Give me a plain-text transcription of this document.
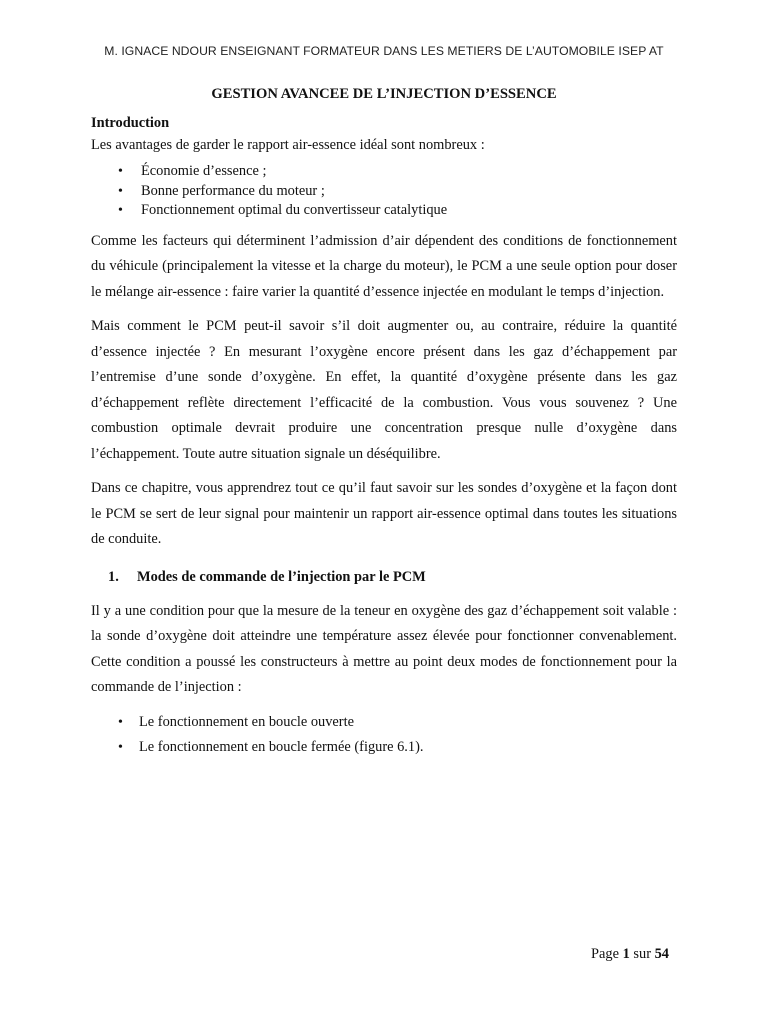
M. IGNACE NDOUR ENSEIGNANT FORMATEUR DANS LES METIERS DE L’AUTOMOBILE ISEP AT
GESTION AVANCEE DE L’INJECTION D’ESSENCE
Introduction

Les avantages de garder le rapport air-essence idéal sont nombreux :

• Économie d’essence ;
• Bonne performance du moteur ;
• Fonctionnement optimal du convertisseur catalytique

Comme les facteurs qui déterminent l’admission d’air dépendent des conditions de fonctionnement du véhicule (principalement la vitesse et la charge du moteur), le PCM a une seule option pour doser le mélange air-essence : faire varier la quantité d’essence injectée en modulant le temps d’injection.

Mais comment le PCM peut-il savoir s’il doit augmenter ou, au contraire, réduire la quantité d’essence injectée ? En mesurant l’oxygène encore présent dans les gaz d’échappement par l’entremise d’une sonde d’oxygène. En effet, la quantité d’oxygène présente dans les gaz d’échappement reflète directement l’efficacité de la combustion. Vous vous souvenez ? Une combustion optimale devrait produire une concentration presque nulle d’oxygène dans l’échappement. Toute autre situation signale un déséquilibre.

Dans ce chapitre, vous apprendrez tout ce qu’il faut savoir sur les sondes d’oxygène et la façon dont le PCM se sert de leur signal pour maintenir un rapport air-essence optimal dans toutes les situations de conduite.

1. Modes de commande de l’injection par le PCM

Il y a une condition pour que la mesure de la teneur en oxygène des gaz d’échappement soit valable : la sonde d’oxygène doit atteindre une température assez élevée pour fonctionner convenablement. Cette condition a poussé les constructeurs à mettre au point deux modes de fonctionnement pour la commande de l’injection :

• Le fonctionnement en boucle ouverte
• Le fonctionnement en boucle fermée (figure 6.1).
Page 1 sur 54
